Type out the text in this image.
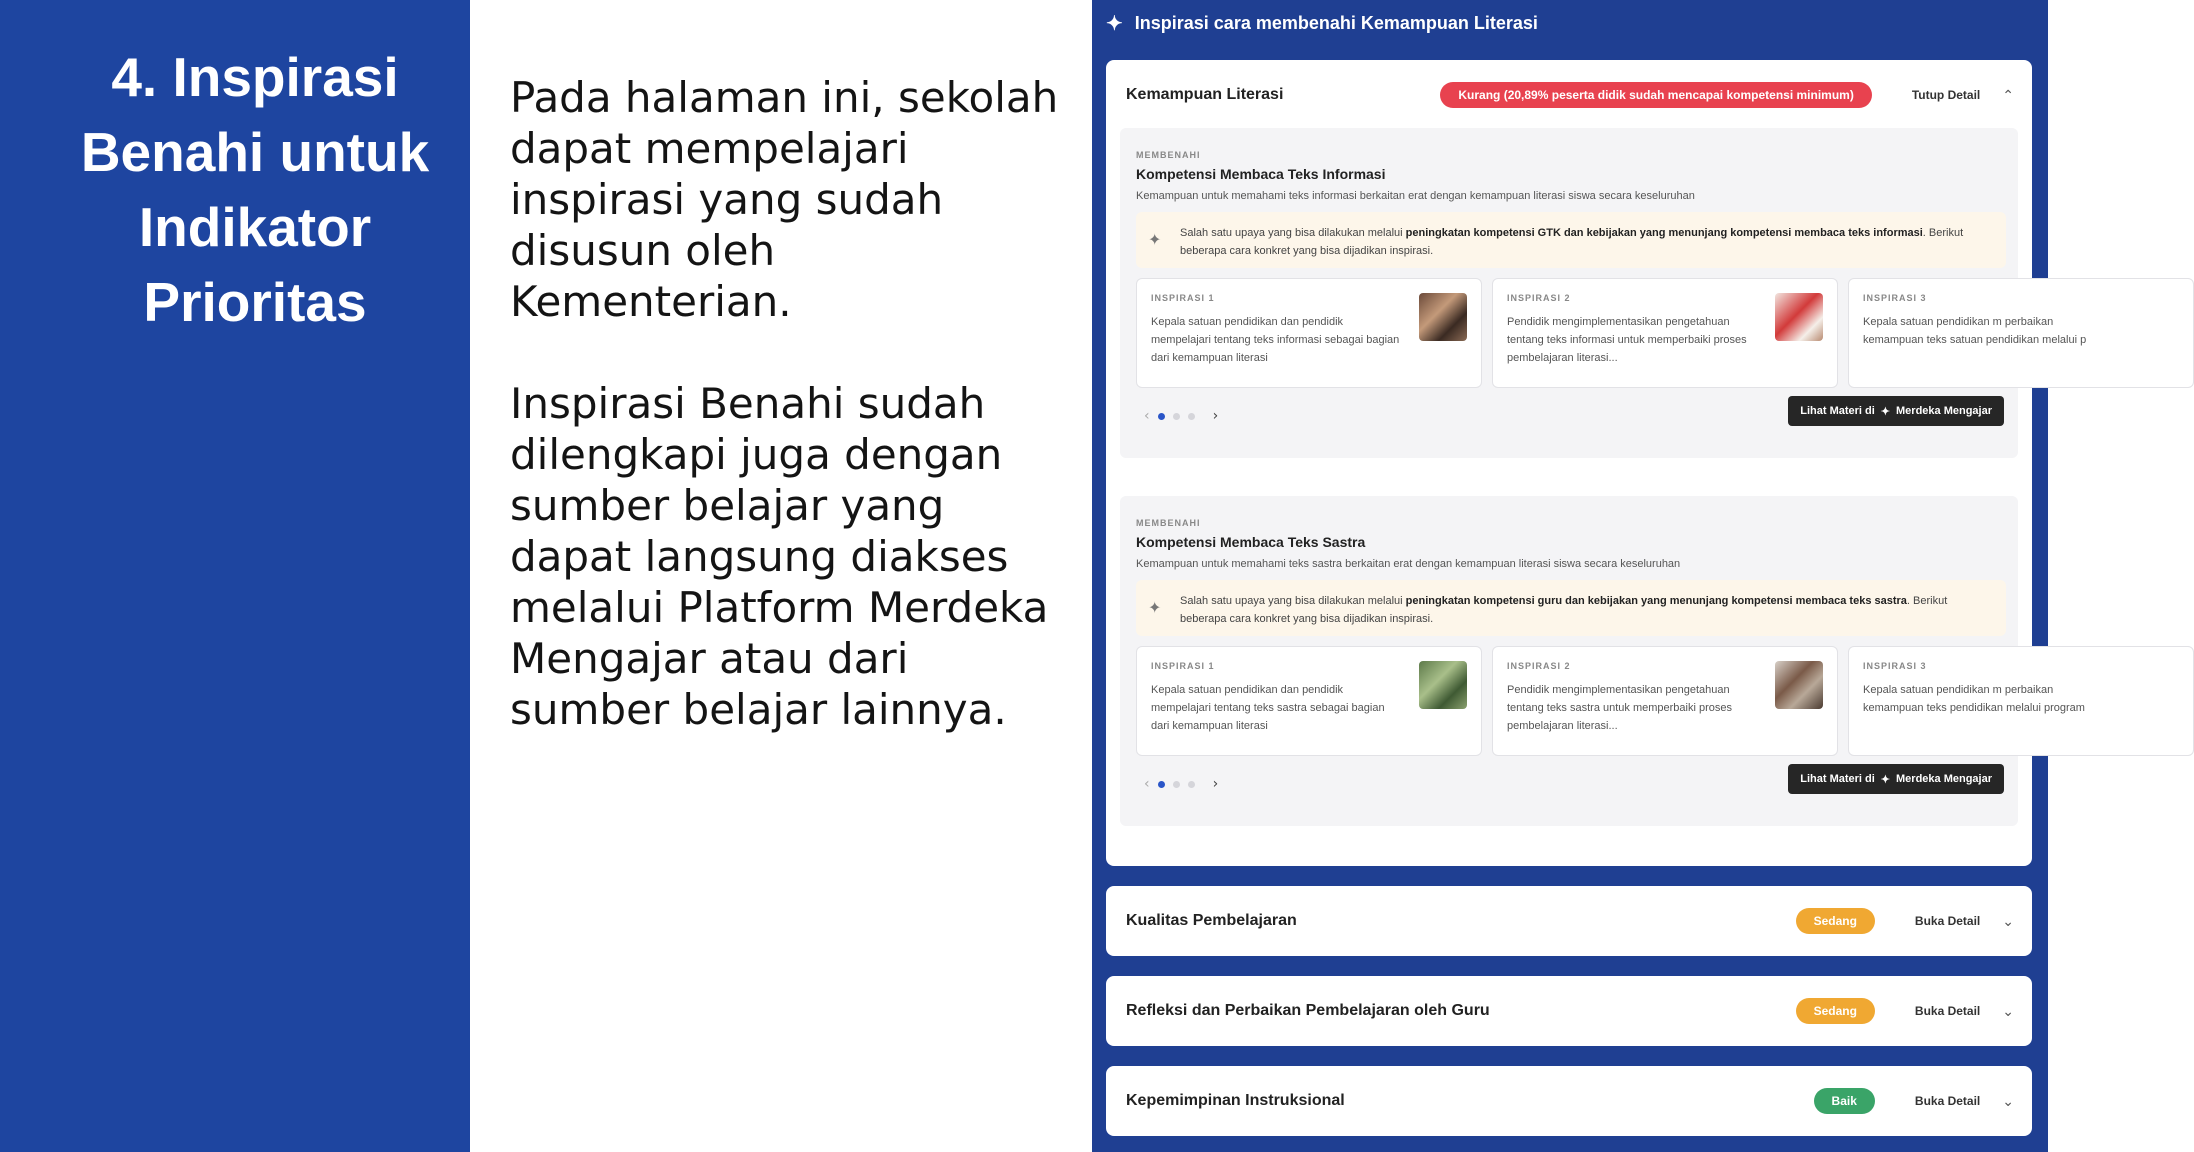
4. Inspirasi
Benahi untuk
Indikator
Prioritas

Pada halaman ini, sekolah dapat mempelajari inspirasi yang sudah disusun oleh Kementerian.

Inspirasi Benahi sudah dilengkapi juga dengan sumber belajar yang dapat langsung diakses melalui Platform Merdeka Mengajar atau dari sumber belajar lainnya.

✦ Inspirasi cara membenahi Kemampuan Literasi
Kemampuan Literasi	Kurang (20,89% peserta didik sudah mencapai kompetensi minimum)	Tutup Detail ⌃
MEMBENAHI
Kompetensi Membaca Teks Informasi
Kemampuan untuk memahami teks informasi berkaitan erat dengan kemampuan literasi siswa secara keseluruhan
✦ Salah satu upaya yang bisa dilakukan melalui peningkatan kompetensi GTK dan kebijakan yang menunjang kompetensi membaca teks informasi. Berikut beberapa cara konkret yang bisa dijadikan inspirasi.
INSPIRASI 1
Kepala satuan pendidikan dan pendidik mempelajari tentang teks informasi sebagai bagian dari kemampuan literasi
INSPIRASI 2
Pendidik mengimplementasikan pengetahuan tentang teks informasi untuk memperbaiki proses pembelajaran literasi...
INSPIRASI 3
Kepala satuan pendidikan m perbaikan kemampuan teks satuan pendidikan melalui p
‹	›	Lihat Materi di ✦ Merdeka Mengajar
MEMBENAHI
Kompetensi Membaca Teks Sastra
Kemampuan untuk memahami teks sastra berkaitan erat dengan kemampuan literasi siswa secara keseluruhan
✦ Salah satu upaya yang bisa dilakukan melalui peningkatan kompetensi guru dan kebijakan yang menunjang kompetensi membaca teks sastra. Berikut beberapa cara konkret yang bisa dijadikan inspirasi.
INSPIRASI 1
Kepala satuan pendidikan dan pendidik mempelajari tentang teks sastra sebagai bagian dari kemampuan literasi
INSPIRASI 2
Pendidik mengimplementasikan pengetahuan tentang teks sastra untuk memperbaiki proses pembelajaran literasi...
INSPIRASI 3
Kepala satuan pendidikan m perbaikan kemampuan teks pendidikan melalui program
‹	›	Lihat Materi di ✦ Merdeka Mengajar
Kualitas Pembelajaran	Sedang	Buka Detail ⌄
Refleksi dan Perbaikan Pembelajaran oleh Guru	Sedang	Buka Detail ⌄
Kepemimpinan Instruksional	Baik	Buka Detail ⌄
